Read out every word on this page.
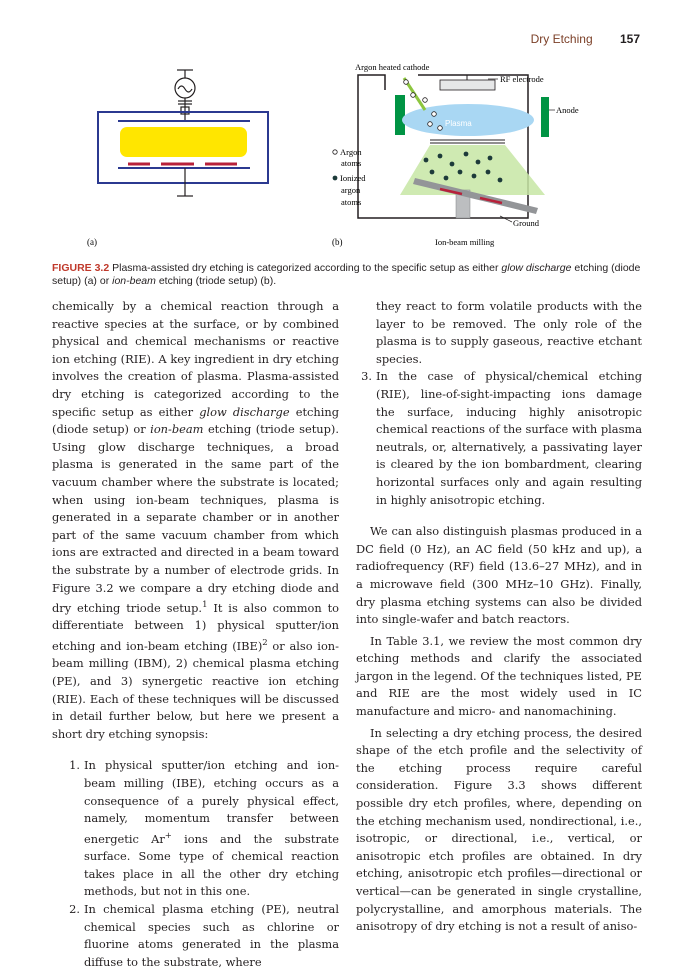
Dry Etching 157
(a)
Argon heated cathode
RF electrode
Anode
Plasma
Ground
Argon
atoms
Ionized
argon
atoms
(b)	Ion-beam milling
FIGURE 3.2 Plasma-assisted dry etching is categorized according to the specific setup as either glow discharge etching (diode setup) (a) or ion-beam etching (triode setup) (b).

chemically by a chemical reaction through a reactive species at the surface, or by combined physical and chemical mechanisms or reactive ion etching (RIE). A key ingredient in dry etching involves the creation of plasma. Plasma-assisted dry etching is categorized according to the specific setup as either glow discharge etching (diode setup) or ion-beam etching (triode setup). Using glow discharge techniques, a broad plasma is generated in the same part of the vacuum chamber where the substrate is located; when using ion-beam techniques, plasma is generated in a separate chamber or in another part of the same vacuum chamber from which ions are extracted and directed in a beam toward the substrate by a number of electrode grids. In Figure 3.2 we compare a dry etching diode and dry etching triode setup.$^1$ It is also common to differentiate between 1) physical sputter/ion etching and ion-beam etching (IBE)$^2$ or also ion-beam milling (IBM), 2) chemical plasma etching (PE), and 3) synergetic reactive ion etching (RIE). Each of these techniques will be discussed in detail further below, but here we present a short dry etching synopsis:

1. In physical sputter/ion etching and ion-beam milling (IBE), etching occurs as a consequence of a purely physical effect, namely, momentum transfer between energetic Ar+ ions and the substrate surface. Some type of chemical reaction takes place in all the other dry etching methods, but not in this one.
2. In chemical plasma etching (PE), neutral chemical species such as chlorine or fluorine atoms generated in the plasma diffuse to the substrate, where
they react to form volatile products with the layer to be removed. The only role of the plasma is to supply gaseous, reactive etchant species.
3. In the case of physical/chemical etching (RIE), line-of-sight-impacting ions damage the surface, inducing highly anisotropic chemical reactions of the surface with plasma neutrals, or, alternatively, a passivating layer is cleared by the ion bombardment, clearing horizontal surfaces only and again resulting in highly anisotropic etching.

We can also distinguish plasmas produced in a DC field (0 Hz), an AC field (50 kHz and up), a radiofrequency (RF) field (13.6–27 MHz), and in a microwave field (300 MHz–10 GHz). Finally, dry plasma etching systems can also be divided into single-wafer and batch reactors.

In Table 3.1, we review the most common dry etching methods and clarify the associated jargon in the legend. Of the techniques listed, PE and RIE are the most widely used in IC manufacture and micro- and nanomachining.

In selecting a dry etching process, the desired shape of the etch profile and the selectivity of the etching process require careful consideration. Figure 3.3 shows different possible dry etch profiles, where, depending on the etching mechanism used, nondirectional, i.e., isotropic, or directional, i.e., vertical, or anisotropic etch profiles are obtained. In dry etching, anisotropic etch profiles—directional or vertical—can be generated in single crystalline, polycrystalline, and amorphous materials. The anisotropy of dry etching is not a result of aniso-
